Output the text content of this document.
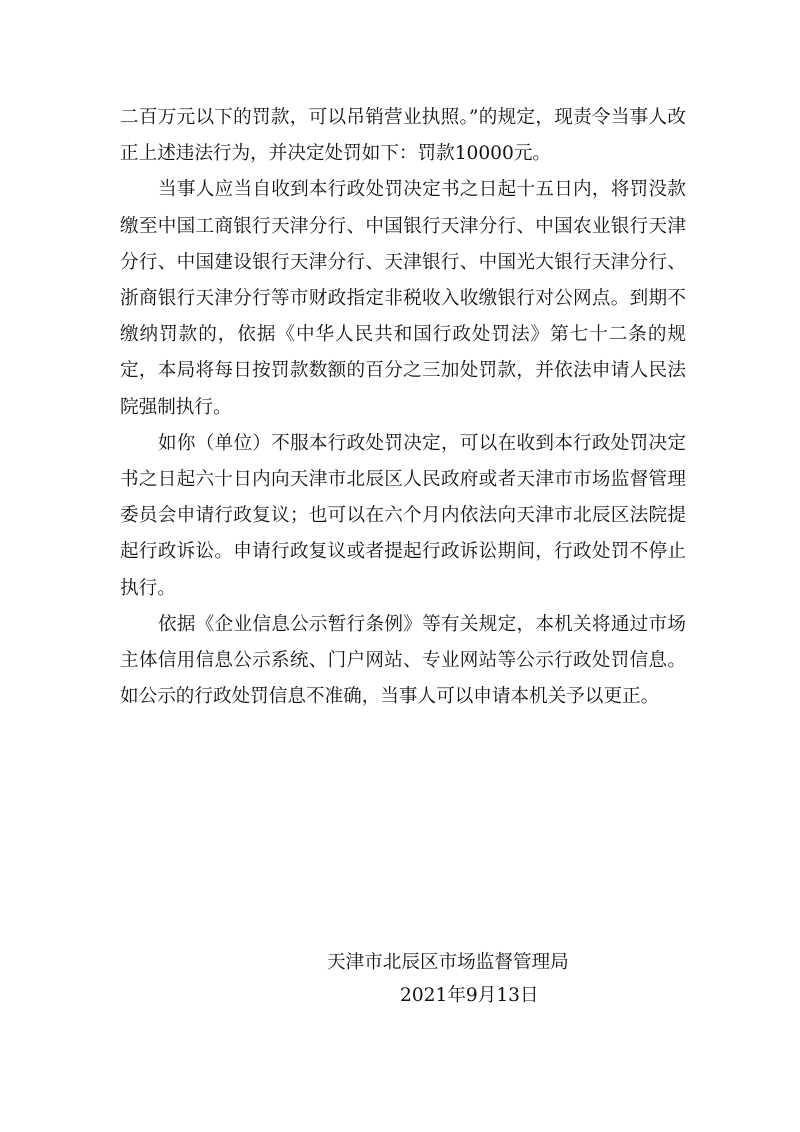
二百万元以下的罚款，可以吊销营业执照。”的规定，现责令当事人改正上述违法行为，并决定处罚如下：罚款10000元。

当事人应当自收到本行政处罚决定书之日起十五日内，将罚没款缴至中国工商银行天津分行、中国银行天津分行、中国农业银行天津分行、中国建设银行天津分行、天津银行、中国光大银行天津分行、浙商银行天津分行等市财政指定非税收入收缴银行对公网点。到期不缴纳罚款的，依据《中华人民共和国行政处罚法》第七十二条的规定，本局将每日按罚款数额的百分之三加处罚款，并依法申请人民法院强制执行。

如你（单位）不服本行政处罚决定，可以在收到本行政处罚决定书之日起六十日内向天津市北辰区人民政府或者天津市市场监督管理委员会申请行政复议；也可以在六个月内依法向天津市北辰区法院提起行政诉讼。申请行政复议或者提起行政诉讼期间，行政处罚不停止执行。

依据《企业信息公示暂行条例》等有关规定，本机关将通过市场主体信用信息公示系统、门户网站、专业网站等公示行政处罚信息。如公示的行政处罚信息不准确，当事人可以申请本机关予以更正。

天津市北辰区市场监督管理局
2021年9月13日
